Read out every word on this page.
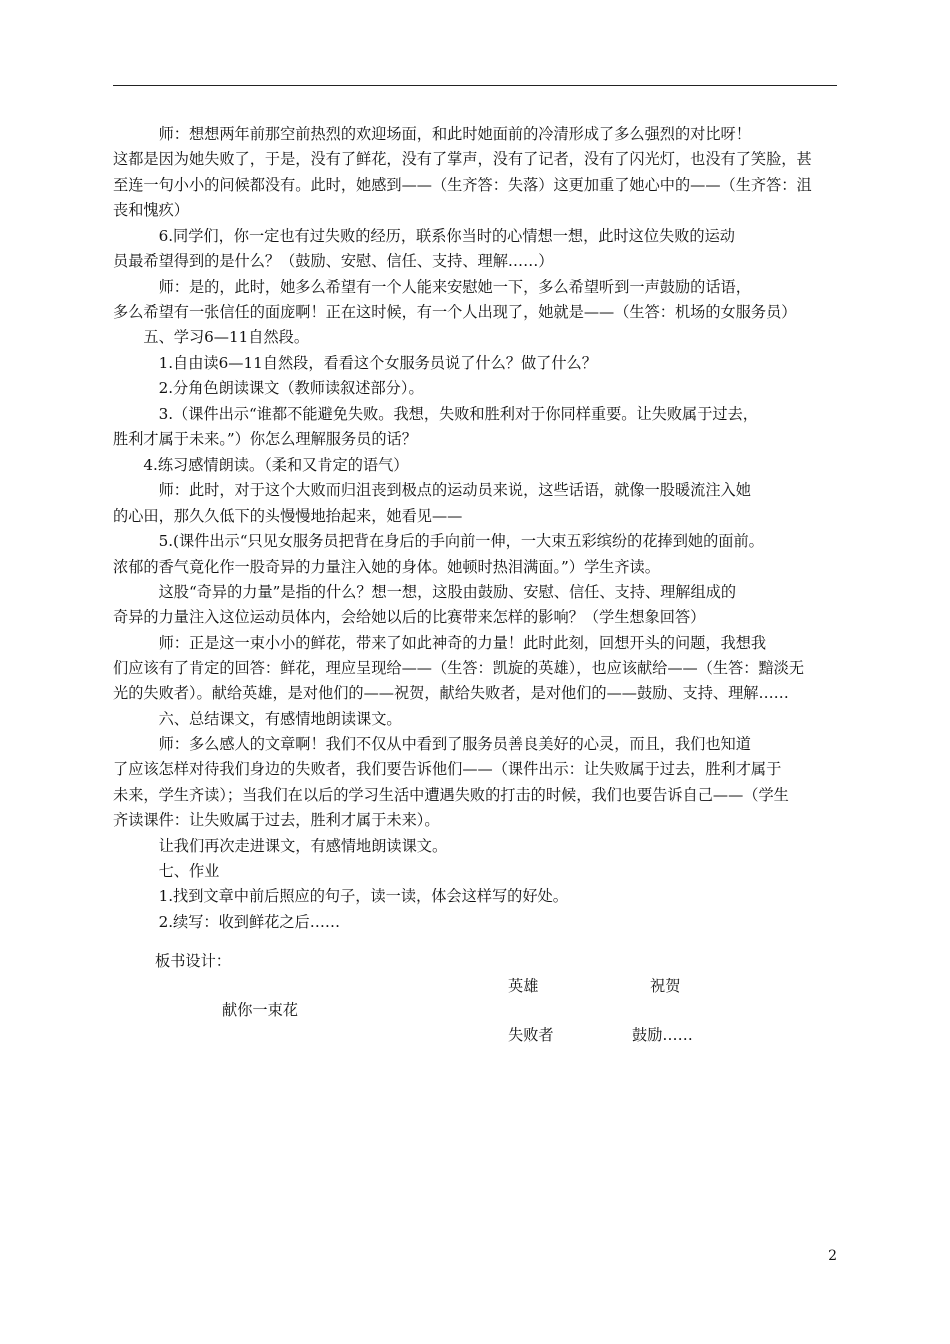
　　　师：想想两年前那空前热烈的欢迎场面，和此时她面前的冷清形成了多么强烈的对比呀！
这都是因为她失败了，于是，没有了鲜花，没有了掌声，没有了记者，没有了闪光灯，也没有了笑脸，甚
至连一句小小的问候都没有。此时，她感到——（生齐答：失落）这更加重了她心中的——（生齐答：沮
丧和愧疚）
　　　6.同学们，你一定也有过失败的经历，联系你当时的心情想一想，此时这位失败的运动
员最希望得到的是什么？（鼓励、安慰、信任、支持、理解……）
　　　师：是的，此时，她多么希望有一个人能来安慰她一下，多么希望听到一声鼓励的话语，
多么希望有一张信任的面庞啊！正在这时候，有一个人出现了，她就是——（生答：机场的女服务员）
　　五、学习6—11自然段。
　　　1.自由读6—11自然段，看看这个女服务员说了什么？做了什么？
　　　2.分角色朗读课文（教师读叙述部分）。
　　　3.（课件出示“谁都不能避免失败。我想，失败和胜利对于你同样重要。让失败属于过去，
胜利才属于未来。”）你怎么理解服务员的话？
　　4.练习感情朗读。（柔和又肯定的语气）
　　　师：此时，对于这个大败而归沮丧到极点的运动员来说，这些话语，就像一股暖流注入她
的心田，那久久低下的头慢慢地抬起来，她看见——
　　　5.(课件出示“只见女服务员把背在身后的手向前一伸，一大束五彩缤纷的花捧到她的面前。
浓郁的香气竟化作一股奇异的力量注入她的身体。她顿时热泪满面。”）学生齐读。
　　　这股“奇异的力量”是指的什么？想一想，这股由鼓励、安慰、信任、支持、理解组成的
奇异的力量注入这位运动员体内，会给她以后的比赛带来怎样的影响？（学生想象回答）
　　　师：正是这一束小小的鲜花，带来了如此神奇的力量！此时此刻，回想开头的问题，我想我
们应该有了肯定的回答：鲜花，理应呈现给——（生答：凯旋的英雄），也应该献给——（生答：黯淡无
光的失败者）。献给英雄，是对他们的——祝贺，献给失败者，是对他们的——鼓励、支持、理解……
　　　六、总结课文，有感情地朗读课文。
　　　师：多么感人的文章啊！我们不仅从中看到了服务员善良美好的心灵，而且，我们也知道
了应该怎样对待我们身边的失败者，我们要告诉他们——（课件出示：让失败属于过去，胜利才属于
未来，学生齐读）；当我们在以后的学习生活中遭遇失败的打击的时候，我们也要告诉自己——（学生
齐读课件：让失败属于过去，胜利才属于未来）。
　　　让我们再次走进课文，有感情地朗读课文。
　　　七、作业
　　　1.找到文章中前后照应的句子，读一读，体会这样写的好处。
　　　2.续写：收到鲜花之后……
板书设计：
英雄	祝贺
献你一束花
失败者	鼓励……
2
